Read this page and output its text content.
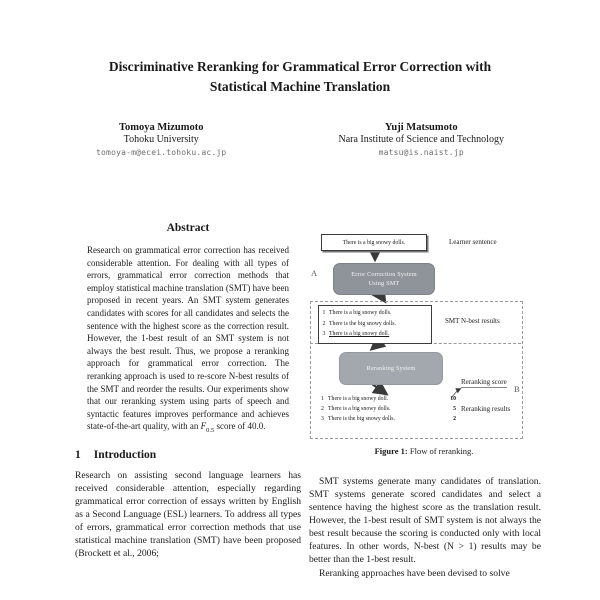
Discriminative Reranking for Grammatical Error Correction with Statistical Machine Translation
Tomoya Mizumoto
Tohoku University
tomoya-m@ecei.tohoku.ac.jp
Yuji Matsumoto
Nara Institute of Science and Technology
matsu@is.naist.jp
Abstract

Research on grammatical error correction has received considerable attention. For dealing with all types of errors, grammatical error correction methods that employ statistical machine translation (SMT) have been proposed in recent years. An SMT system generates candidates with scores for all candidates and selects the sentence with the highest score as the correction result. However, the 1-best result of an SMT system is not always the best result. Thus, we propose a reranking approach for grammatical error correction. The reranking approach is used to re-score N-best results of the SMT and reorder the results. Our experiments show that our reranking system using parts of speech and syntactic features improves performance and achieves state-of-the-art quality, with an $F_{0.5}$ score of 40.0.

1 Introduction

Research on assisting second language learners has received considerable attention, especially regarding grammatical error correction of essays written by English as a Second Language (ESL) learners. To address all types of errors, grammatical error correction methods that use statistical machine translation (SMT) have been proposed (Brockett et al., 2006;

There is a big snowy dolls.	Learner sentence
A	Error Correction System
Using SMT
1 There is a big snowy dolls.
2 There is the big snowy dolls.
3 There is a big snowy doll.
SMT N-best results
Reranking System
Reranking score
B
1 There is a big snowy doll.	10
2 There is a big snowy dolls.	5
3 There is the big snowy dolls.	2
Reranking results
Figure 1: Flow of reranking.

SMT systems generate many candidates of translation. SMT systems generate scored candidates and select a sentence having the highest score as the translation result. However, the 1-best result of SMT system is not always the best result because the scoring is conducted only with local features. In other words, N-best (N > 1) results may be better than the 1-best result.

Reranking approaches have been devised to solve
